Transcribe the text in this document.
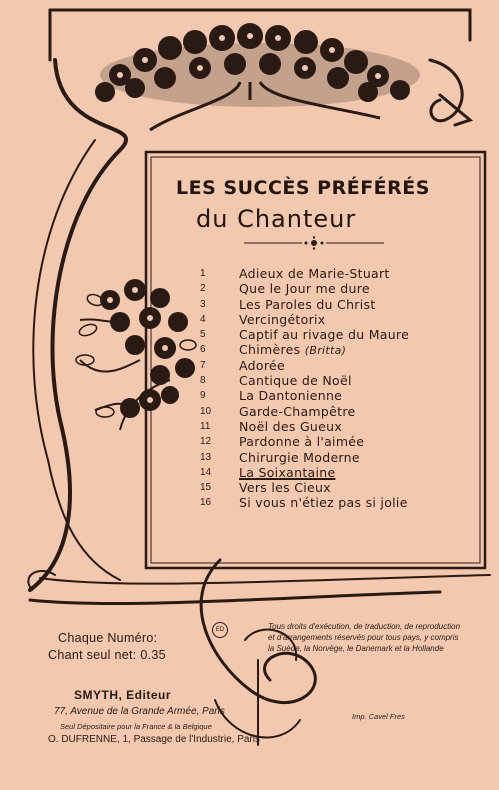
LES SUCCÈS PRÉFÉRÉS
du Chanteur
1	Adieux de Marie-Stuart
2	Que le Jour me dure
3	Les Paroles du Christ
4	Vercingétorix
5	Captif au rivage du Maure
6	Chimères (Britta)
7	Adorée
8	Cantique de Noël
9	La Dantonienne
10	Garde-Champêtre
11	Noël des Gueux
12	Pardonne à l'aimée
13	Chirurgie Moderne
14	La Soixantaine
15	Vers les Cieux
16	Si vous n'étiez pas si jolie
ED
Chaque Numéro:
Chant seul net: 0.35
Tous droits d'exécution, de traduction, de reproduction
et d'arrangements réservés pour tous pays, y compris
la Suède, la Norvège, le Danemark et la Hollande
SMYTH, Editeur
77, Avenue de la Grande Armée, Paris
Seul Dépositaire pour la France & la Belgique
O. DUFRENNE, 1, Passage de l'Industrie, Paris
Imp. Cavel Fres
